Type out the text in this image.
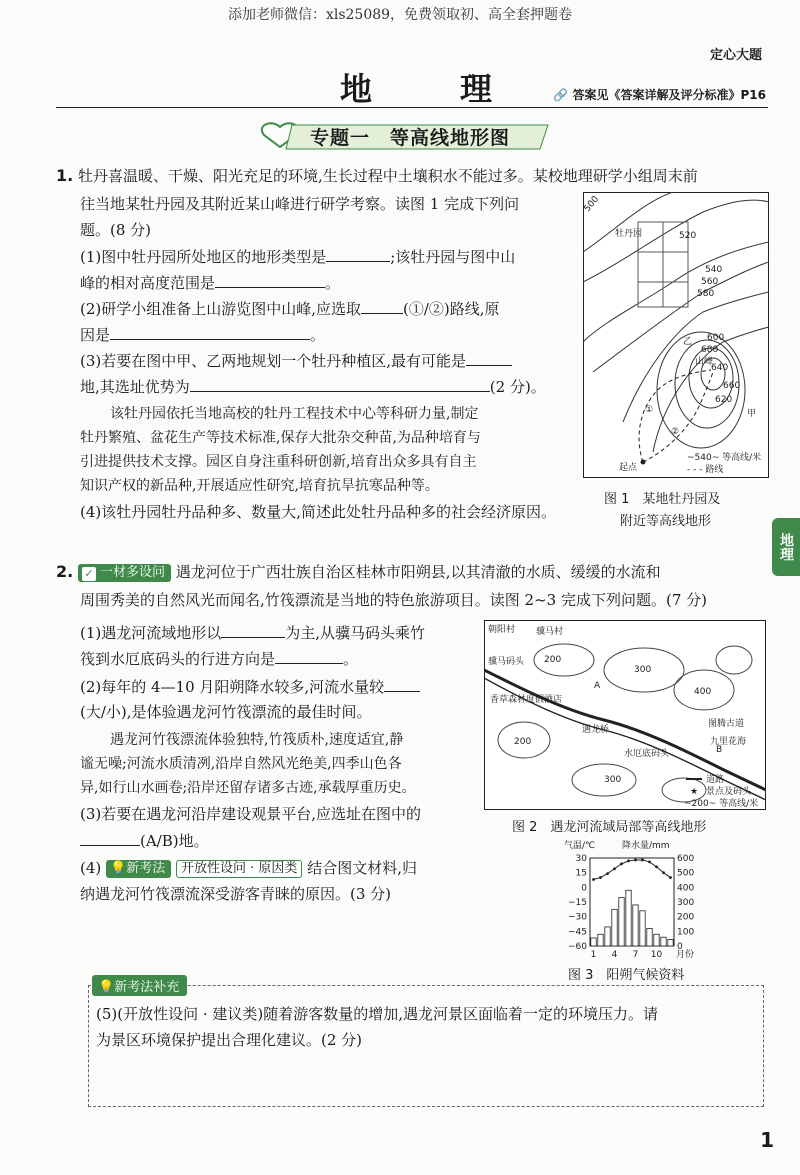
添加老师微信：xls25089，免费领取初、高全套押题卷
定心大题
地　理	🔗 答案见《答案详解及评分标准》P16
专题一　等高线地形图
地理
1. 牡丹喜温暖、干燥、阳光充足的环境,生长过程中土壤积水不能过多。某校地理研学小组周末前
往当地某牡丹园及其附近某山峰进行研学考察。读图 1 完成下列问
题。(8 分)
(1)图中牡丹园所处地区的地形类型是	;该牡丹园与图中山
峰的相对高度范围是	。
(2)研学小组准备上山游览图中山峰,应选取	(①/②)路线,原
因是	。
(3)若要在图中甲、乙两地规划一个牡丹种植区,最有可能是
地,其选址优势为	(2 分)。
该牡丹园依托当地高校的牡丹工程技术中心等科研力量,制定
牡丹繁殖、盆花生产等技术标准,保存大批杂交种苗,为品种培育与
引进提供技术支撑。园区自身注重科研创新,培育出众多具有自主
知识产权的新品种,开展适应性研究,培育抗旱抗寒品种等。
(4)该牡丹园牡丹品种多、数量大,简述此处牡丹品种多的社会经济原因。
500
牡丹园	520
540
560
580
乙
680
600
山峰
640
660
620
甲
①
②
起点
~540~ 等高线/米
- - - 路线
图 1　某地牡丹园及
附近等高线地形
2. ✓ 一材多设问 遇龙河位于广西壮族自治区桂林市阳朔县,以其清澈的水质、缓缓的水流和
周围秀美的自然风光而闻名,竹筏漂流是当地的特色旅游项目。读图 2~3 完成下列问题。(7 分)
(1)遇龙河流域地形以	为主,从骥马码头乘竹
筏到水厄底码头的行进方向是	。
(2)每年的 4—10 月阳朔降水较多,河流水量较
(大/小),是体验遇龙河竹筏漂流的最佳时间。
遇龙河竹筏漂流体验独特,竹筏质朴,速度适宜,静
谧无噪;河流水质清冽,沿岸自然风光绝美,四季山色各
异,如行山水画卷;沿岸还留存诸多古迹,承载厚重历史。
(3)若要在遇龙河沿岸建设观景平台,应选址在图中的
(A/B)地。
(4) 💡新考法 开放性设问 · 原因类 结合图文材料,归
纳遇龙河竹筏漂流深受游客青睐的原因。(3 分)
朝阳村 骥马村
骥马码头
香草森林度假酒店
遇龙桥
水厄底码头
图腾古道
九里花海
A
B
200
300
400
200
300	道路
★ 景点及码头
~200~ 等高线/米
图 2　遇龙河流域局部等高线地形
气温/℃	降水量/mm
30
15
0
−15
−30
−45
−60
600
500
400
300
200
100
0
1 4 7 10 月份
图 3　阳朔气候资料
💡新考法补充
(5)(开放性设问 · 建议类)随着游客数量的增加,遇龙河景区面临着一定的环境压力。请
为景区环境保护提出合理化建议。(2 分)
1
